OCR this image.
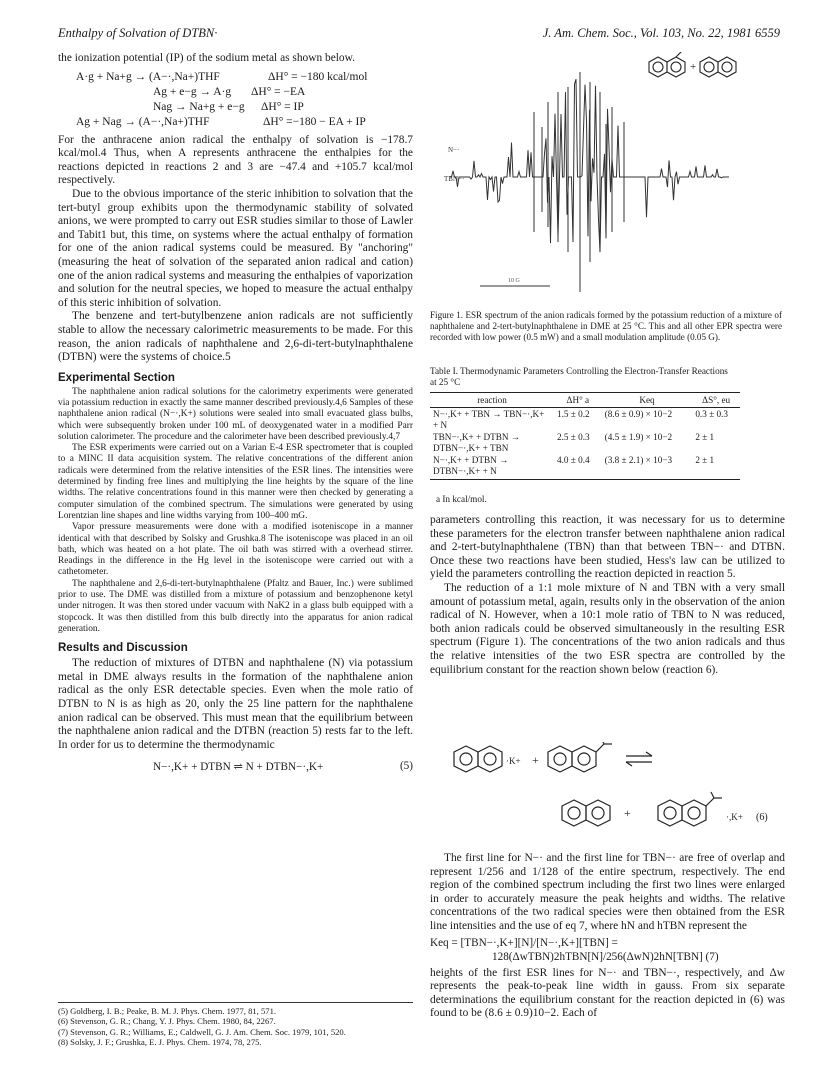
Enthalpy of Solvation of DTBN·	J. Am. Chem. Soc., Vol. 103, No. 22, 1981 6559

the ionization potential (IP) of the sodium metal as shown below.

A·g + Na+g → (A−·,Na+)THF	ΔH° = −180 kcal/mol
Ag + e−g → A·g ΔH° = −EA
Nag → Na+g + e−g ΔH° = IP
Ag + Nag → (A−·,Na+)THF	ΔH° =−180 − EA + IP

For the anthracene anion radical the enthalpy of solvation is −178.7 kcal/mol.4 Thus, when A represents anthracene the enthalpies for the reactions depicted in reactions 2 and 3 are −47.4 and +105.7 kcal/mol respectively.

Due to the obvious importance of the steric inhibition to solvation that the tert-butyl group exhibits upon the thermodynamic stability of solvated anions, we were prompted to carry out ESR studies similar to those of Lawler and Tabit1 but, this time, on systems where the actual enthalpy of formation for one of the anion radical systems could be measured. By "anchoring" (measuring the heat of solvation of the separated anion radical and cation) one of the anion radical systems and measuring the enthalpies of vaporization and solution for the neutral species, we hoped to measure the actual enthalpy of this steric inhibition of solvation.

The benzene and tert-butylbenzene anion radicals are not sufficiently stable to allow the necessary calorimetric measurements to be made. For this reason, the anion radicals of naphthalene and 2,6-di-tert-butylnaphthalene (DTBN) were the systems of choice.5

Experimental Section

The naphthalene anion radical solutions for the calorimetry experiments were generated via potassium reduction in exactly the same manner described previously.4,6 Samples of these naphthalene anion radical (N−·,K+) solutions were sealed into small evacuated glass bulbs, which were subsequently broken under 100 mL of deoxygenated water in a modified Parr solution calorimeter. The procedure and the calorimeter have been described previously.4,7

The ESR experiments were carried out on a Varian E-4 ESR spectrometer that is coupled to a MINC II data acquisition system. The relative concentrations of the different anion radicals were determined from the relative intensities of the ESR lines. The intensities were determined by finding free lines and multiplying the line heights by the square of the line widths. The relative concentrations found in this manner were then checked by generating a computer simulation of the combined spectrum. The simulations were generated by using Lorentzian line shapes and line widths varying from 100–400 mG.

Vapor pressure measurements were done with a modified isoteniscope in a manner identical with that described by Solsky and Grushka.8 The isoteniscope was placed in an oil bath, which was heated on a hot plate. The oil bath was stirred with a overhead stirrer. Readings in the difference in the Hg level in the isoteniscope were carried out with a cathetometer.

The naphthalene and 2,6-di-tert-butylnaphthalene (Pfaltz and Bauer, Inc.) were sublimed prior to use. The DME was distilled from a mixture of potassium and benzophenone ketyl under nitrogen. It was then stored under vacuum with NaK2 in a glass bulb equipped with a stopcock. It was then distilled from this bulb directly into the apparatus for anion radical generation.

Results and Discussion

The reduction of mixtures of DTBN and naphthalene (N) via potassium metal in DME always results in the formation of the naphthalene anion radical as the only ESR detectable species. Even when the mole ratio of DTBN to N is as high as 20, only the 25 line pattern for the naphthalene anion radical can be observed. This must mean that the equilibrium between the naphthalene anion radical and the DTBN (reaction 5) rests far to the left. In order for us to determine the thermodynamic

N−·,K+ + DTBN ⇌ N + DTBN−·,K+	(5)
(5) Goldberg, I. B.; Peake, B. M. J. Phys. Chem. 1977, 81, 571.
(6) Stevenson, G. R.; Chang, Y. J. Phys. Chem. 1980, 84, 2267.
(7) Stevenson, G. R.; Williams, E.; Caldwell, G. J. Am. Chem. Soc. 1979, 101, 520.
(8) Solsky, J. F.; Grushka, E. J. Phys. Chem. 1974, 78, 275.
+
N−·
TBN−·
10 G
Figure 1. ESR spectrum of the anion radicals formed by the potassium reduction of a mixture of naphthalene and 2-tert-butylnaphthalene in DME at 25 °C. This and all other EPR spectra were recorded with low power (0.5 mW) and a small modulation amplitude (0.05 G).
Table I. Thermodynamic Parameters Controlling the Electron-Transfer Reactions at 25 °C
reaction	ΔH° a	Keq	ΔS°, eu
N−·,K+ + TBN → TBN−·,K+ + N	1.5 ± 0.2	(8.6 ± 0.9) × 10−2	0.3 ± 0.3
TBN−·,K+ + DTBN → DTBN−·,K+ + TBN	2.5 ± 0.3	(4.5 ± 1.9) × 10−2	2 ± 1
N−·,K+ + DTBN → DTBN−·,K+ + N	4.0 ± 0.4	(3.8 ± 2.1) × 10−3	2 ± 1
a In kcal/mol.

parameters controlling this reaction, it was necessary for us to determine these parameters for the electron transfer between naphthalene anion radical and 2-tert-butylnaphthalene (TBN) than that between TBN−· and DTBN. Once these two reactions have been studied, Hess's law can be utilized to yield the parameters controlling the reaction depicted in reaction 5.

The reduction of a 1:1 mole mixture of N and TBN with a very small amount of potassium metal, again, results only in the observation of the anion radical of N. However, when a 10:1 mole ratio of TBN to N was reduced, both anion radicals could be observed simultaneously in the resulting ESR spectrum (Figure 1). The concentrations of the two anion radicals and thus the relative intensities of the two ESR spectra are controlled by the equilibrium constant for the reaction shown below (reaction 6).

·K+ +
+	·,K+ (6)

The first line for N−· and the first line for TBN−· are free of overlap and represent 1/256 and 1/128 of the entire spectrum, respectively. The end region of the combined spectrum including the first two lines were enlarged in order to accurately measure the peak heights and widths. The relative concentrations of the two radical species were then obtained from the ESR line intensities and the use of eq 7, where hN and hTBN represent the

Keq = [TBN−·,K+][N]/[N−·,K+][TBN] =
128(ΔwTBN)2hTBN[N]/256(ΔwN)2hN[TBN] (7)

heights of the first ESR lines for N−· and TBN−·, respectively, and Δw represents the peak-to-peak line width in gauss. From six separate determinations the equilibrium constant for the reaction depicted in (6) was found to be (8.6 ± 0.9)10−2. Each of
